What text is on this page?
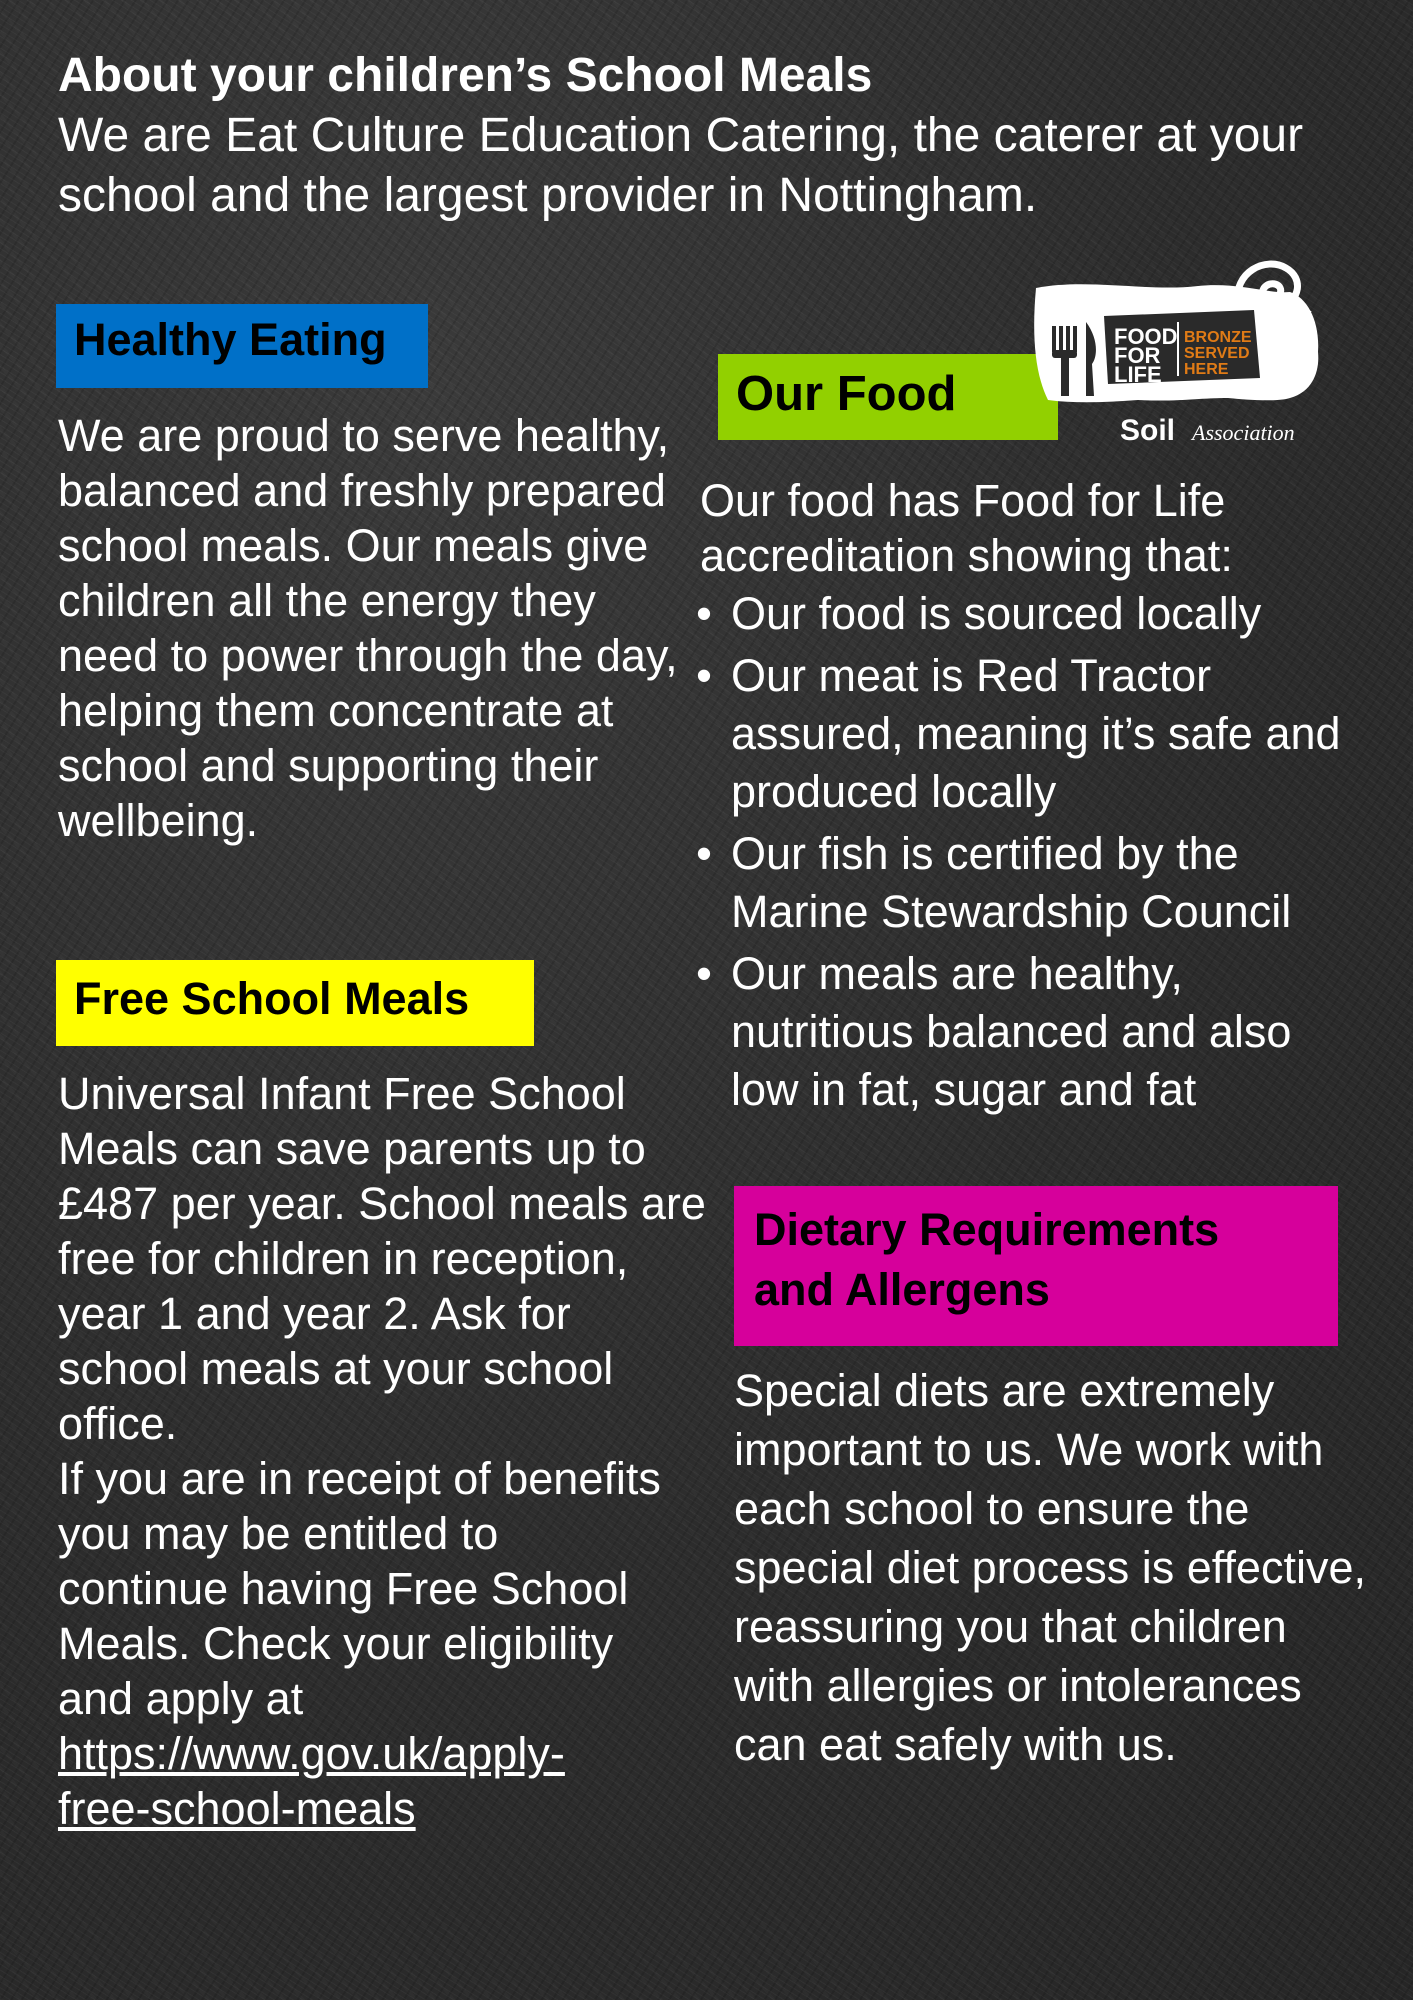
About your children’s School Meals

We are Eat Culture Education Catering, the caterer at your school and the largest provider in Nottingham.

Healthy Eating

We are proud to serve healthy, balanced and freshly prepared school meals. Our meals give children all the energy they need to power through the day, helping them concentrate at school and supporting their wellbeing.

Free School Meals

Universal Infant Free School Meals can save parents up to £487 per year. School meals are free for children in reception, year 1 and year 2. Ask for school meals at your school office.

If you are in receipt of benefits you may be entitled to continue having Free School Meals. Check your eligibility and apply at

https://www.gov.uk/apply-free-school-meals

Our Food
FOOD
FOR
LIFE
BRONZE
SERVED
HERE
Soil Association

Our food has Food for Life accreditation showing that:

• Our food is sourced locally
• Our meat is Red Tractor assured, meaning it’s safe and produced locally
• Our fish is certified by the Marine Stewardship Council
• Our meals are healthy, nutritious balanced and also low in fat, sugar and fat
Dietary Requirements
and Allergens

Special diets are extremely important to us. We work with each school to ensure the special diet process is effective, reassuring you that children with allergies or intolerances can eat safely with us.
